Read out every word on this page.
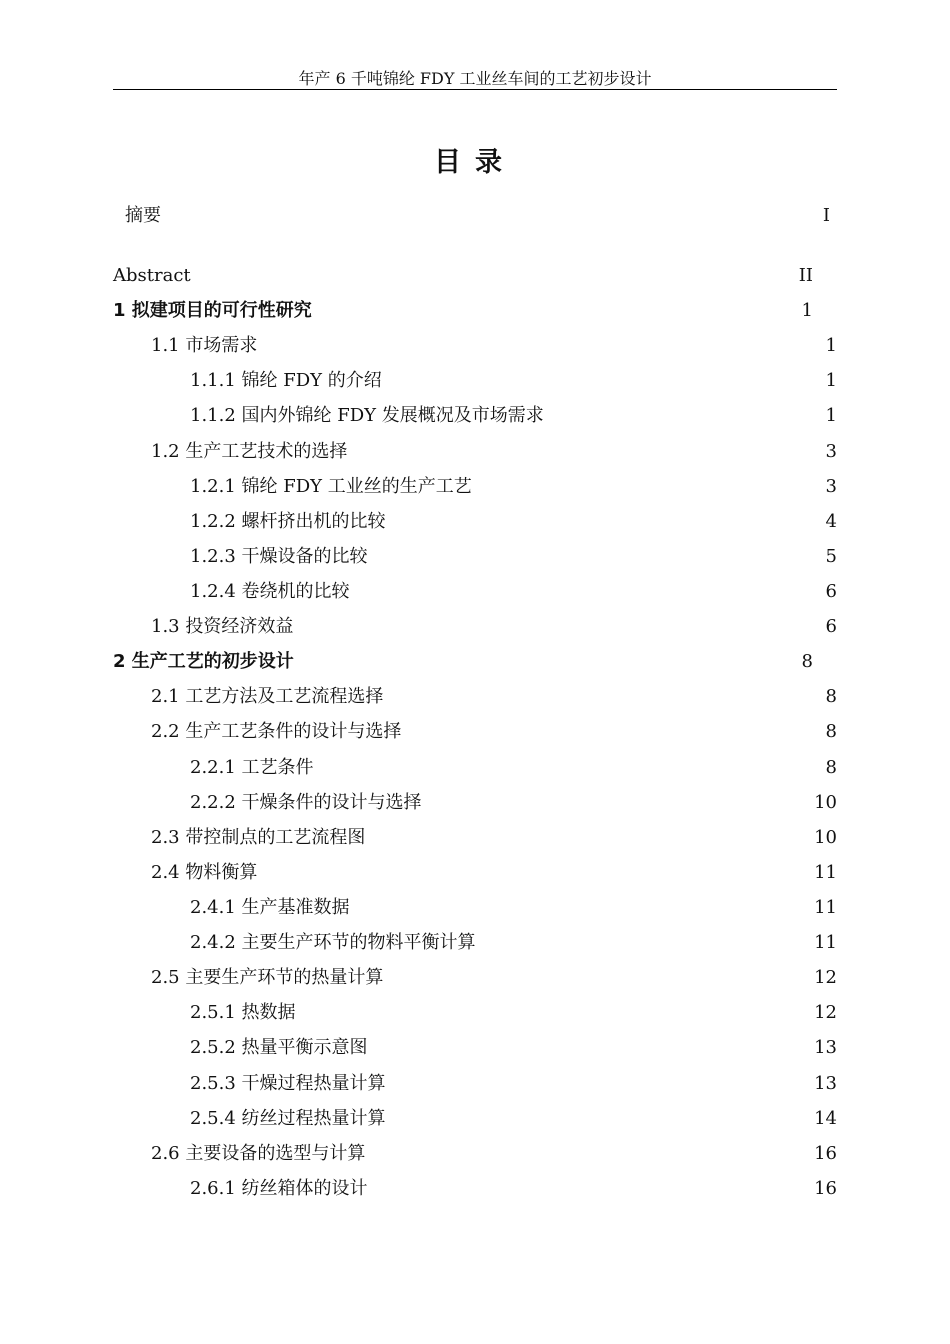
年产 6 千吨锦纶 FDY 工业丝车间的工艺初步设计
目录
摘要	I
Abstract	II
1 拟建项目的可行性研究	1
1.1 市场需求	1
1.1.1 锦纶 FDY 的介绍	1
1.1.2 国内外锦纶 FDY 发展概况及市场需求	1
1.2 生产工艺技术的选择	3
1.2.1 锦纶 FDY 工业丝的生产工艺	3
1.2.2 螺杆挤出机的比较	4
1.2.3 干燥设备的比较	5
1.2.4 卷绕机的比较	6
1.3 投资经济效益	6
2 生产工艺的初步设计	8
2.1 工艺方法及工艺流程选择	8
2.2 生产工艺条件的设计与选择	8
2.2.1 工艺条件	8
2.2.2 干燥条件的设计与选择	10
2.3 带控制点的工艺流程图	10
2.4 物料衡算	11
2.4.1 生产基准数据	11
2.4.2 主要生产环节的物料平衡计算	11
2.5 主要生产环节的热量计算	12
2.5.1 热数据	12
2.5.2 热量平衡示意图	13
2.5.3 干燥过程热量计算	13
2.5.4 纺丝过程热量计算	14
2.6 主要设备的选型与计算	16
2.6.1 纺丝箱体的设计	16
